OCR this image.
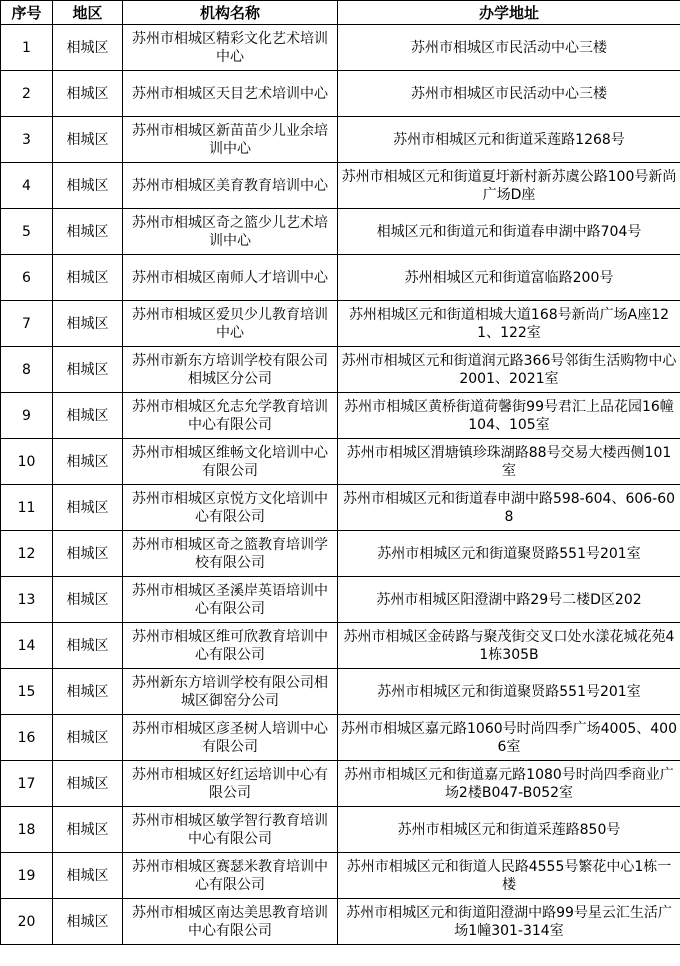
序号	地区	机构名称	办学地址
1	相城区	苏州市相城区精彩文化艺术培训中心	苏州市相城区市民活动中心三楼
2	相城区	苏州市相城区天目艺术培训中心	苏州市相城区市民活动中心三楼
3	相城区	苏州市相城区新苗苗少儿业余培训中心	苏州市相城区元和街道采莲路1268号
4	相城区	苏州市相城区美育教育培训中心	苏州市相城区元和街道夏圩新村新苏虞公路100号新尚广场D座
5	相城区	苏州市相城区奇之篮少儿艺术培训中心	相城区元和街道元和街道春申湖中路704号
6	相城区	苏州市相城区南师人才培训中心	苏州相城区元和街道富临路200号
7	相城区	苏州市相城区爱贝少儿教育培训中心	苏州相城区元和街道相城大道168号新尚广场A座121、122室
8	相城区	苏州市新东方培训学校有限公司相城区分公司	苏州市相城区元和街道润元路366号邻街生活购物中心2001、2021室
9	相城区	苏州市相城区允志允学教育培训中心有限公司	苏州市相城区黄桥街道荷馨街99号君汇上品花园16幢104、105室
10	相城区	苏州市相城区维畅文化培训中心有限公司	苏州市相城区渭塘镇珍珠湖路88号交易大楼西侧101室
11	相城区	苏州市相城区京悦方文化培训中心有限公司	苏州市相城区元和街道春申湖中路598-604、606-608
12	相城区	苏州市相城区奇之篮教育培训学校有限公司	苏州市相城区元和街道聚贤路551号201室
13	相城区	苏州市相城区圣溪岸英语培训中心有限公司	苏州市相城区阳澄湖中路29号二楼D区202
14	相城区	苏州市相城区维可欣教育培训中心有限公司	苏州市相城区金砖路与聚茂街交叉口处水漾花城花苑41栋305B
15	相城区	苏州新东方培训学校有限公司相城区御窑分公司	苏州市相城区元和街道聚贤路551号201室
16	相城区	苏州市相城区彦圣树人培训中心有限公司	苏州市相城区嘉元路1060号时尚四季广场4005、4006室
17	相城区	苏州市相城区好红运培训中心有限公司	苏州市相城区元和街道嘉元路1080号时尚四季商业广场2楼B047-B052室
18	相城区	苏州市相城区敏学智行教育培训中心有限公司	苏州市相城区元和街道采莲路850号
19	相城区	苏州市相城区赛瑟米教育培训中心有限公司	苏州市相城区元和街道人民路4555号繁花中心1栋一楼
20	相城区	苏州市相城区南达美思教育培训中心有限公司	苏州市相城区元和街道阳澄湖中路99号星云汇生活广场1幢301-314室
